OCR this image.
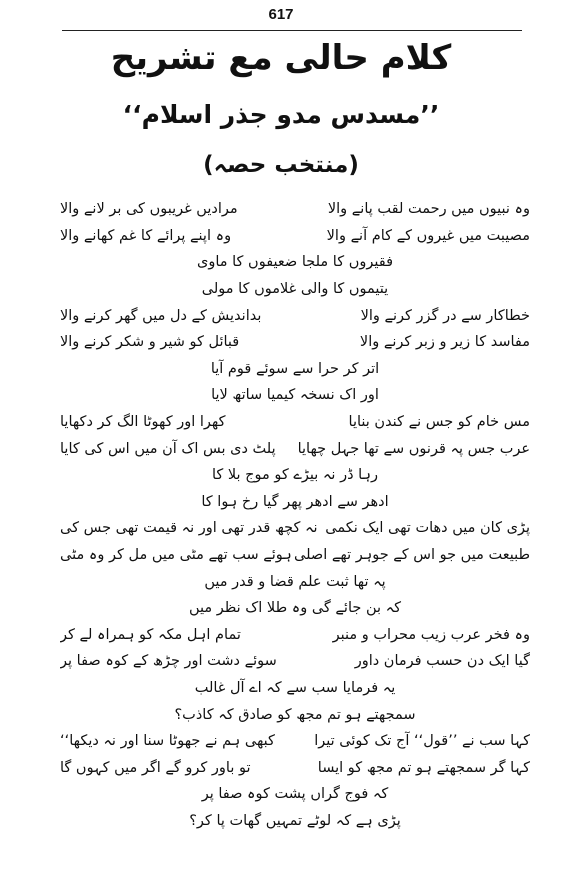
617
کلام حالی مع تشریح
’’مسدس مدو جذر اسلام‘‘
(منتخب حصہ)
وہ نبیوں میں رحمت لقب پانے والا
مرادیں غریبوں کی بر لانے والا
مصیبت میں غیروں کے کام آنے والا
وہ اپنے پرائے کا غم کھانے والا
فقیروں کا ملجا ضعیفوں کا ماوی
یتیموں کا والی غلاموں کا مولی
خطاکار سے در گزر کرنے والا
بداندیش کے دل میں گھر کرنے والا
مفاسد کا زیر و زبر کرنے والا
قبائل کو شیر و شکر کرنے والا
اتر کر حرا سے سوئے قوم آیا
اور اک نسخہ کیمیا ساتھ لایا
مس خام کو جس نے کندن بنایا
کھرا اور کھوٹا الگ کر دکھایا
عرب جس پہ قرنوں سے تھا جہل چھایا
پلٹ دی بس اک آن میں اس کی کایا
رہا ڈر نہ بیڑے کو موج بلا کا
ادھر سے ادھر پھر گیا رخ ہوا کا
پڑی کان میں دھات تھی ایک نکمی
نہ کچھ قدر تھی اور نہ قیمت تھی جس کی
طبیعت میں جو اس کے جوہر تھے اصلی
ہوئے سب تھے مٹی میں مل کر وہ مٹی
پہ تھا ثبت علم قضا و قدر میں
کہ بن جائے گی وہ طلا اک نظر میں
وہ فخر عرب زیب محراب و منبر
تمام اہل مکہ کو ہمراہ لے کر
گیا ایک دن حسب فرمان داور
سوئے دشت اور چڑھ کے کوہ صفا پر
یہ فرمایا سب سے کہ اے آل غالب
سمجھتے ہو تم مجھ کو صادق کہ کاذب؟
کہا سب نے ’’قول‘‘ آج تک کوئی تیرا
کبھی ہم نے جھوٹا سنا اور نہ دیکھا‘‘
کہا گر سمجھتے ہو تم مجھ کو ایسا
تو باور کرو گے اگر میں کہوں گا
کہ فوج گراں پشت کوہ صفا پر
پڑی ہے کہ لوٹے تمہیں گھات پا کر؟
